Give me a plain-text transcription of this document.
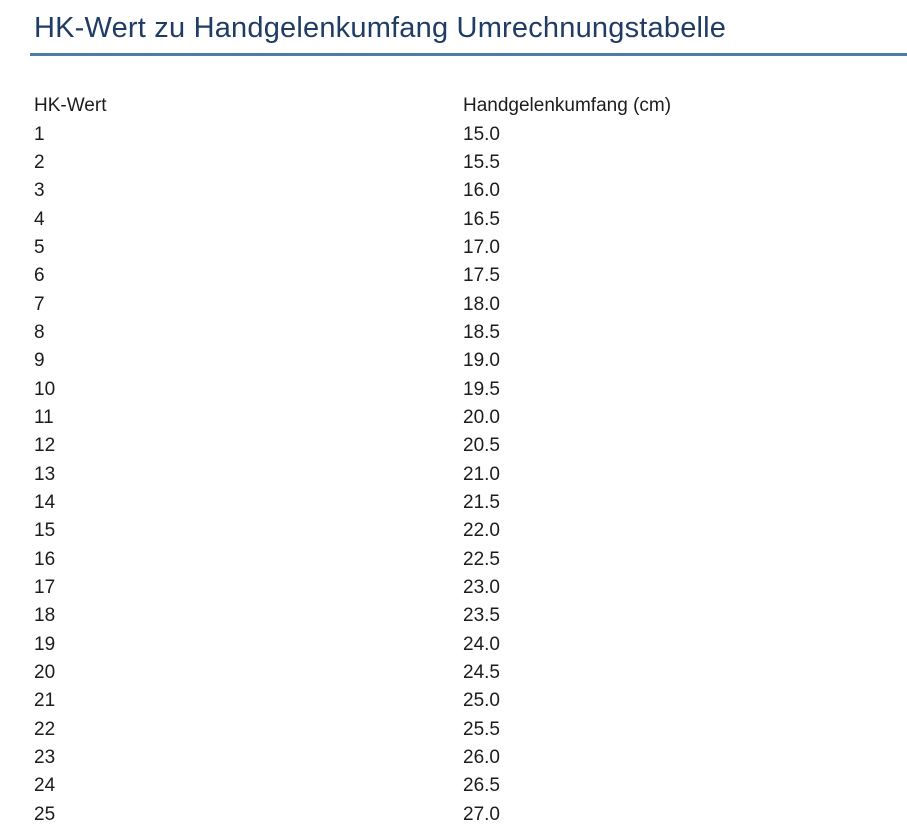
HK-Wert zu Handgelenkumfang Umrechnungstabelle
HK-Wert	Handgelenkumfang (cm)
1	15.0
2	15.5
3	16.0
4	16.5
5	17.0
6	17.5
7	18.0
8	18.5
9	19.0
10	19.5
11	20.0
12	20.5
13	21.0
14	21.5
15	22.0
16	22.5
17	23.0
18	23.5
19	24.0
20	24.5
21	25.0
22	25.5
23	26.0
24	26.5
25	27.0
